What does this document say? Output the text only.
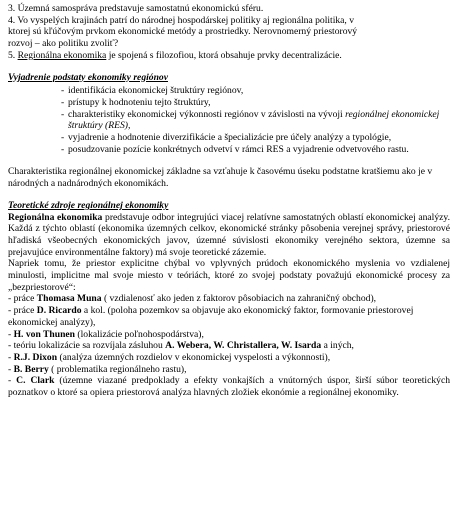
3. Územná samospráva predstavuje samostatnú ekonomickú sféru.
4. Vo vyspelých krajinách patrí do národnej hospodárskej politiky aj regionálna politika, v
ktorej sú kľúčovým prvkom ekonomické metódy a prostriedky. Nerovnomerný priestorový
rozvoj – ako politiku zvoliť?
5. Regionálna ekonomika je spojená s filozofiou, ktorá obsahuje prvky decentralizácie.
Vyjadrenie podstaty ekonomiky regiónov
- identifikácia ekonomickej štruktúry regiónov,
- prístupy k hodnoteniu tejto štruktúry,
- charakteristiky ekonomickej výkonnosti regiónov v závislosti na vývoji regionálnej ekonomickej štruktúry (RES),
- vyjadrenie a hodnotenie diverzifikácie a špecializácie pre účely analýzy a typológie,
- posudzovanie pozície konkrétnych odvetví v rámci RES a vyjadrenie odvetvového rastu.
Charakteristika regionálnej ekonomickej základne sa vzťahuje k časovému úseku podstatne kratšiemu ako je v národných a nadnárodných ekonomikách.
Teoretické zdroje regionálnej ekonomiky
Regionálna ekonomika predstavuje odbor integrujúci viacej relatívne samostatných oblastí ekonomickej analýzy. Každá z týchto oblastí (ekonomika územných celkov, ekonomické stránky pôsobenia verejnej správy, priestorové hľadiská všeobecných ekonomických javov, územné súvislosti ekonomiky verejného sektora, územne sa prejavujúce environmentálne faktory) má svoje teoretické zázemie.
Napriek tomu, že priestor explicitne chýbal vo vplyvných prúdoch ekonomického myslenia vo vzdialenej minulosti, implicitne mal svoje miesto v teóriách, ktoré zo svojej podstaty považujú ekonomické procesy za „bezpriestorové“:
- práce Thomasa Muna ( vzdialenosť ako jeden z faktorov pôsobiacich na zahraničný obchod),
- práce D. Ricardo a kol. (poloha pozemkov sa objavuje ako ekonomický faktor, formovanie priestorovej ekonomickej analýzy),
- H. von Thunen (lokalizácie poľnohospodárstva),
- teóriu lokalizácie sa rozvíjala zásluhou A. Webera, W. Christallera, W. Isarda a iných,
- R.J. Dixon (analýza územných rozdielov v ekonomickej vyspelosti a výkonnosti),
- B. Berry ( problematika regionálneho rastu),
- C. Clark (územne viazané predpoklady a efekty vonkajších a vnútorných úspor, širší súbor teoretických poznatkov o ktoré sa opiera priestorová analýza hlavných zložiek ekonómie a regionálnej ekonomiky.
